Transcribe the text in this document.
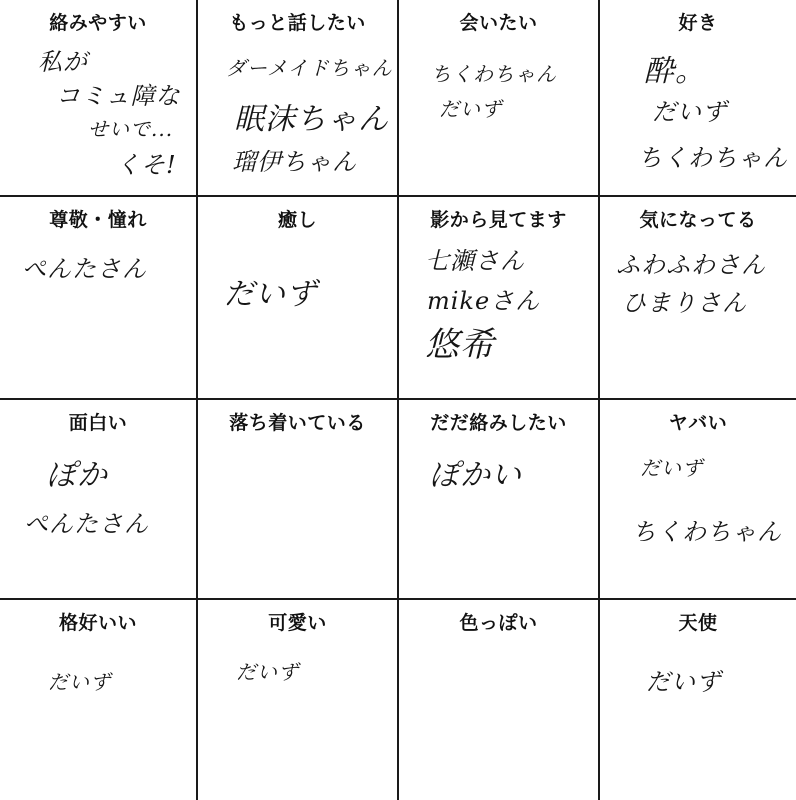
絡みやすい
私が
コミュ障な
せいで...
くそ!
もっと話したい
ダーメイドちゃん
眠沫ちゃん
瑠伊ちゃん
会いたい
ちくわちゃん
だいず
好き
酔。
だいず
ちくわちゃん
尊敬・憧れ
ぺんたさん
癒し
だいず
影から見てます
七瀬さん
mikeさん
悠希
気になってる
ふわふわさん
ひまりさん
面白い
ぽか
ぺんたさん
落ち着いている	だだ絡みしたい
ぽかい
ヤバい
だいず
ちくわちゃん
格好いい
だいず
可愛い
だいず
色っぽい	天使
だいず
